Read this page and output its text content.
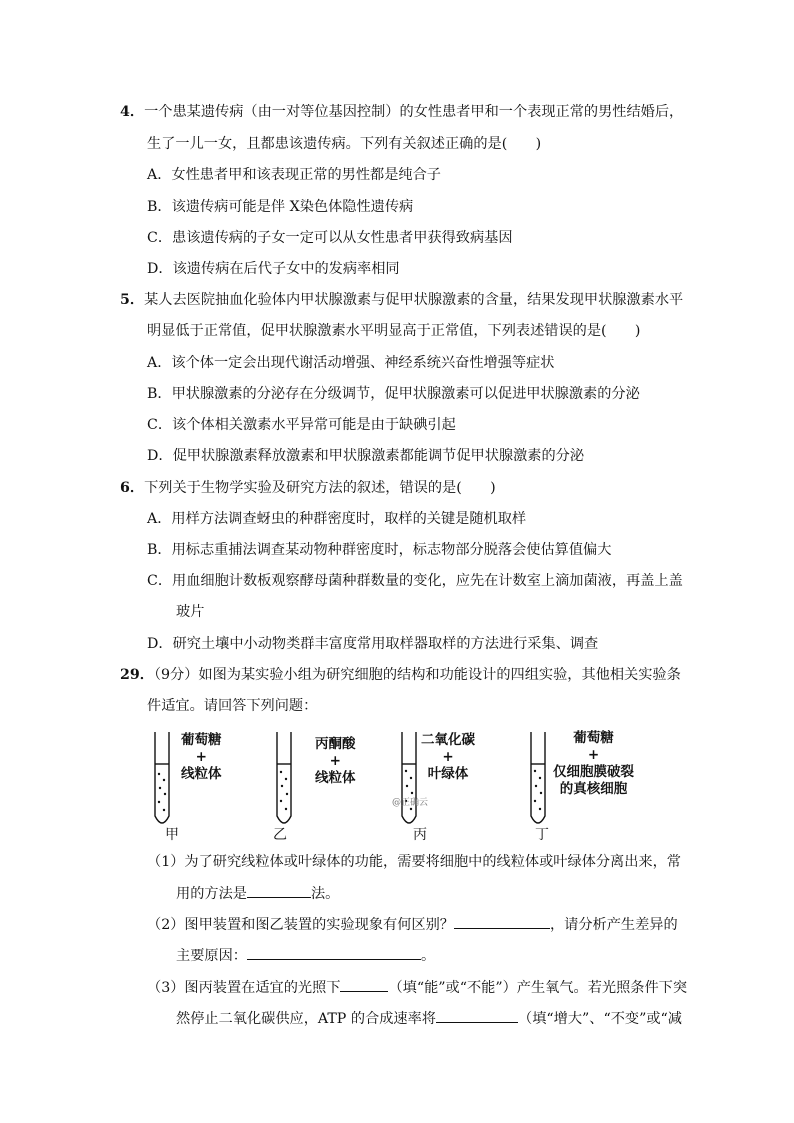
4．一个患某遗传病（由一对等位基因控制）的女性患者甲和一个表现正常的男性结婚后，
生了一儿一女，且都患该遗传病。下列有关叙述正确的是(　　)
A．女性患者甲和该表现正常的男性都是纯合子
B．该遗传病可能是伴 X染色体隐性遗传病
C．患该遗传病的子女一定可以从女性患者甲获得致病基因
D．该遗传病在后代子女中的发病率相同
5．某人去医院抽血化验体内甲状腺激素与促甲状腺激素的含量，结果发现甲状腺激素水平
明显低于正常值，促甲状腺激素水平明显高于正常值，下列表述错误的是(　　)
A．该个体一定会出现代谢活动增强、神经系统兴奋性增强等症状
B．甲状腺激素的分泌存在分级调节，促甲状腺激素可以促进甲状腺激素的分泌
C．该个体相关激素水平异常可能是由于缺碘引起
D．促甲状腺激素释放激素和甲状腺激素都能调节促甲状腺激素的分泌
6．下列关于生物学实验及研究方法的叙述，错误的是(　　)
A．用样方法调查蚜虫的种群密度时，取样的关键是随机取样
B．用标志重捕法调查某动物种群密度时，标志物部分脱落会使估算值偏大
C．用血细胞计数板观察酵母菌种群数量的变化，应先在计数室上滴加菌液，再盖上盖
玻片
D．研究土壤中小动物类群丰富度常用取样器取样的方法进行采集、调查
29．（9分）如图为某实验小组为研究细胞的结构和功能设计的四组实验，其他相关实验条
件适宜。请回答下列问题：
葡萄糖
+
线粒体
丙酮酸
+
线粒体
二氧化碳
+
叶绿体
@正确云
葡萄糖
+
仅细胞膜破裂
的真核细胞
甲	乙	丙	丁
（1）为了研究线粒体或叶绿体的功能，需要将细胞中的线粒体或叶绿体分离出来，常
用的方法是	法。
（2）图甲装置和图乙装置的实验现象有何区别？	，请分析产生差异的
主要原因：	。
（3）图丙装置在适宜的光照下	（填“能”或“不能”）产生氧气。若光照条件下突
然停止二氧化碳供应，ATP 的合成速率将	（填“增大”、“不变”或“减
